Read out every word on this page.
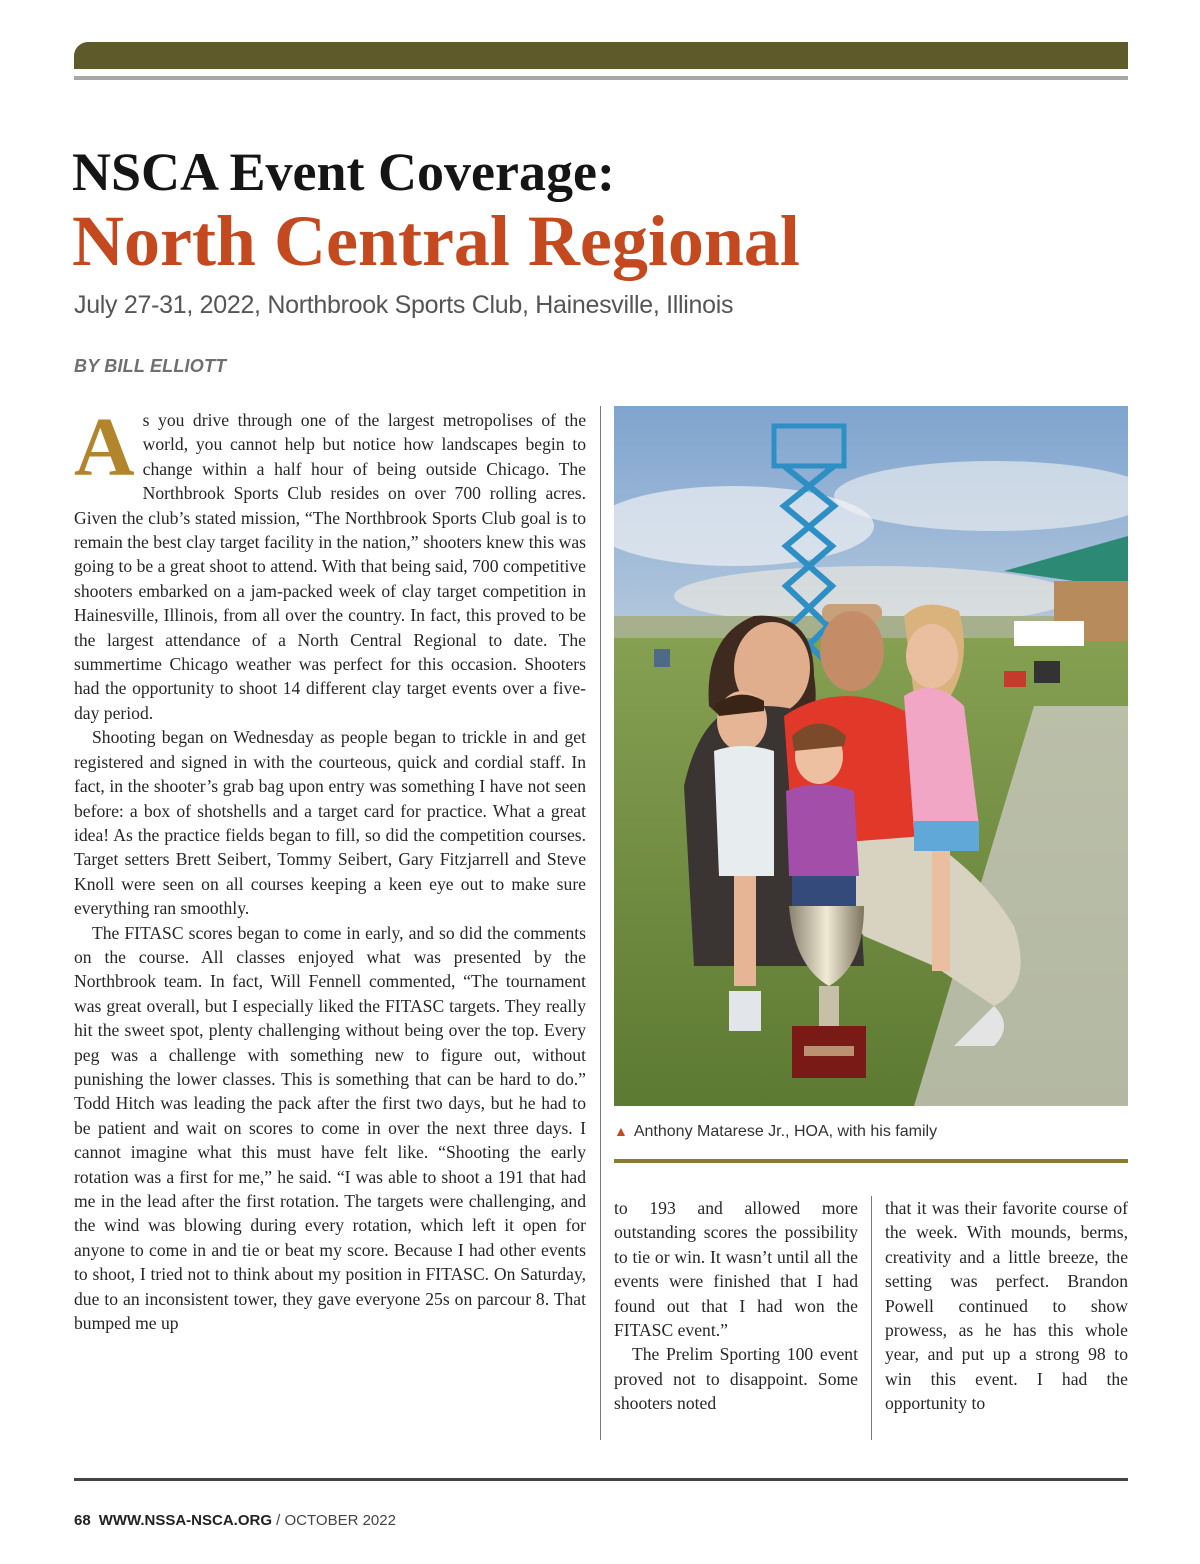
NSCA Event Coverage:
North Central Regional

July 27-31, 2022, Northbrook Sports Club, Hainesville, Illinois

BY BILL ELLIOTT

As you drive through one of the largest metropolises of the world, you cannot help but notice how landscapes begin to change within a half hour of being outside Chicago. The Northbrook Sports Club resides on over 700 rolling acres. Given the club’s stated mission, “The Northbrook Sports Club goal is to remain the best clay target facility in the nation,” shooters knew this was going to be a great shoot to attend. With that being said, 700 competitive shooters embarked on a jam-packed week of clay target competition in Hainesville, Illinois, from all over the country. In fact, this proved to be the largest attendance of a North Central Regional to date. The summertime Chicago weather was perfect for this occasion. Shooters had the opportunity to shoot 14 different clay target events over a five-day period.

Shooting began on Wednesday as people began to trickle in and get registered and signed in with the courteous, quick and cordial staff. In fact, in the shooter’s grab bag upon entry was something I have not seen before: a box of shotshells and a target card for practice. What a great idea! As the practice fields began to fill, so did the competition courses. Target setters Brett Seibert, Tommy Seibert, Gary Fitzjarrell and Steve Knoll were seen on all courses keeping a keen eye out to make sure everything ran smoothly.

The FITASC scores began to come in early, and so did the comments on the course. All classes enjoyed what was presented by the Northbrook team. In fact, Will Fennell commented, “The tournament was great overall, but I especially liked the FITASC targets. They really hit the sweet spot, plenty challenging without being over the top. Every peg was a challenge with something new to figure out, without punishing the lower classes. This is something that can be hard to do.” Todd Hitch was leading the pack after the first two days, but he had to be patient and wait on scores to come in over the next three days. I cannot imagine what this must have felt like. “Shooting the early rotation was a first for me,” he said. “I was able to shoot a 191 that had me in the lead after the first rotation. The targets were challenging, and the wind was blowing during every rotation, which left it open for anyone to come in and tie or beat my score. Because I had other events to shoot, I tried not to think about my position in FITASC. On Saturday, due to an inconsistent tower, they gave everyone 25s on parcour 8. That bumped me up

▲ Anthony Matarese Jr., HOA, with his family

to 193 and allowed more outstanding scores the possibility to tie or win. It wasn’t until all the events were finished that I had found out that I had won the FITASC event.”

The Prelim Sporting 100 event proved not to disappoint. Some shooters noted

that it was their favorite course of the week. With mounds, berms, creativity and a little breeze, the setting was perfect. Brandon Powell continued to show prowess, as he has this whole year, and put up a strong 98 to win this event. I had the opportunity to

68 WWW.NSSA-NSCA.ORG / OCTOBER 2022
